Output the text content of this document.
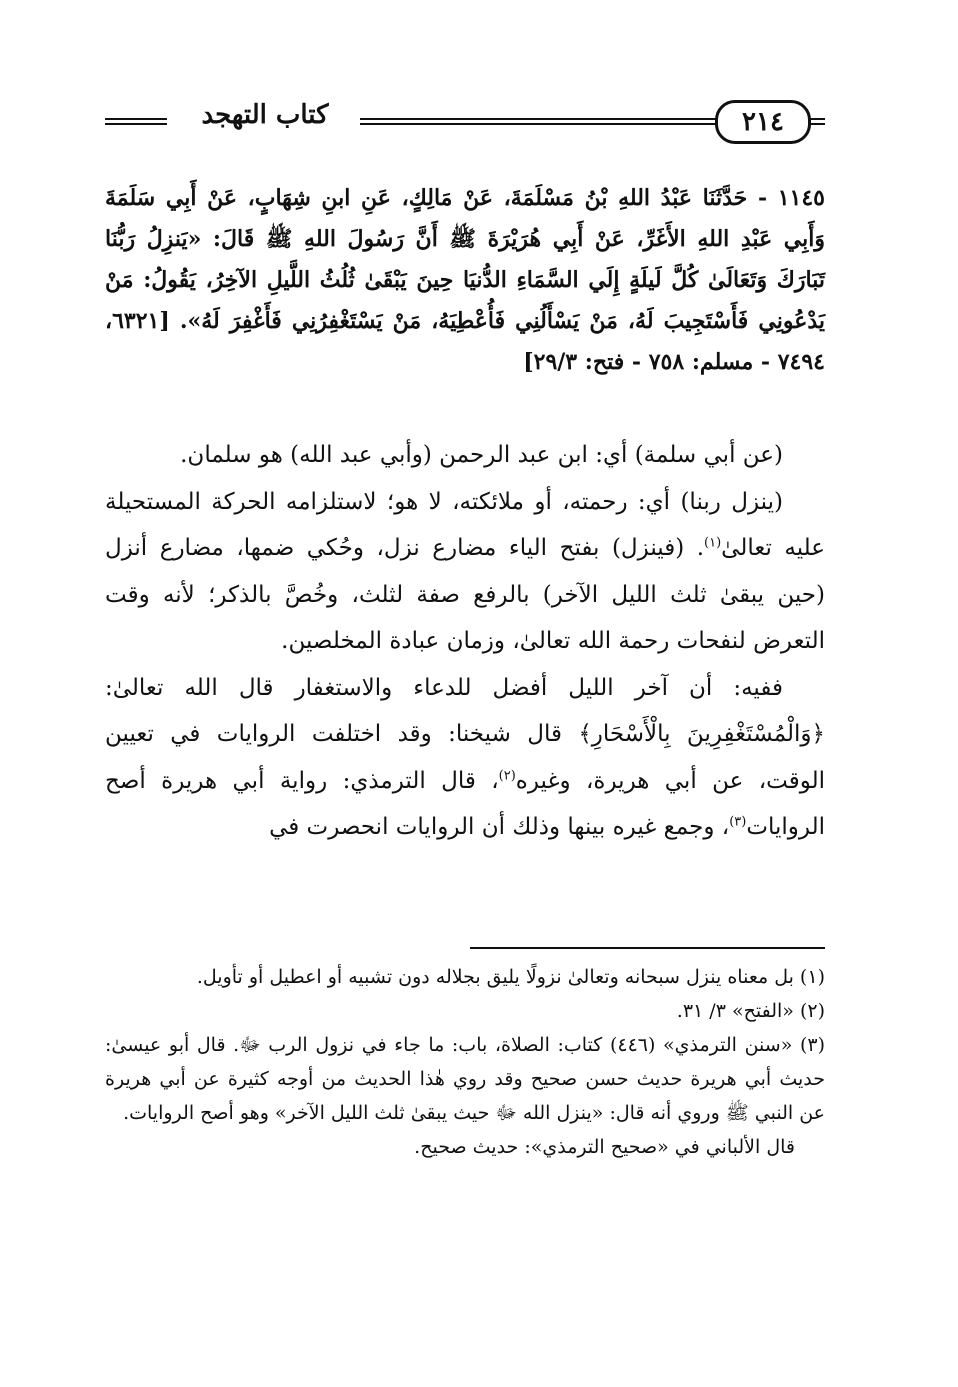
كتاب التهجد	٢١٤
١١٤٥ - حَدَّثَنَا عَبْدُ اللهِ بْنُ مَسْلَمَةَ، عَنْ مَالِكٍ، عَنِ ابنِ شِهَابٍ، عَنْ أَبِي سَلَمَةَ وَأَبِي عَبْدِ اللهِ الأَغَرِّ، عَنْ أَبِي هُرَيْرَةَ ﷺ أَنَّ رَسُولَ اللهِ ﷺ قَالَ: «يَنزِلُ رَبُّنَا تَبَارَكَ وَتَعَالَىٰ كُلَّ لَيلَةٍ إِلَي السَّمَاءِ الدُّنيَا حِينَ يَبْقَىٰ ثُلُثُ اللَّيلِ الآخِرُ، يَقُولُ: مَنْ يَدْعُونِي فَأَسْتَجِيبَ لَهُ، مَنْ يَسْأَلُنِي فَأُعْطِيَهُ، مَنْ يَسْتَغْفِرُنِي فَأَغْفِرَ لَهُ». [٦٣٢١، ٧٤٩٤ - مسلم: ٧٥٨ - فتح: ٢٩/٣]

(عن أبي سلمة) أي: ابن عبد الرحمن (وأبي عبد الله) هو سلمان.

(ينزل ربنا) أي: رحمته، أو ملائكته، لا هو؛ لاستلزامه الحركة المستحيلة عليه تعالىٰ$^{(١)}$. (فينزل) بفتح الياء مضارع نزل، وحُكي ضمها، مضارع أنزل (حين يبقىٰ ثلث الليل الآخر) بالرفع صفة لثلث، وخُصَّ بالذكر؛ لأنه وقت التعرض لنفحات رحمة الله تعالىٰ، وزمان عبادة المخلصين.

ففيه: أن آخر الليل أفضل للدعاء والاستغفار قال الله تعالىٰ: ﴿وَالْمُسْتَغْفِرِينَ بِالْأَسْحَارِ﴾ قال شيخنا: وقد اختلفت الروايات في تعيين الوقت، عن أبي هريرة، وغيره$^{(٢)}$، قال الترمذي: رواية أبي هريرة أصح الروايات$^{(٣)}$، وجمع غيره بينها وذلك أن الروايات انحصرت في

(١) بل معناه ينزل سبحانه وتعالىٰ نزولًا يليق بجلاله دون تشبيه أو اعطيل أو تأويل.

(٢) «الفتح» ٣/ ٣١.

(٣) «سنن الترمذي» (٤٤٦) كتاب: الصلاة، باب: ما جاء في نزول الرب ﷻ. قال أبو عيسىٰ: حديث أبي هريرة حديث حسن صحيح وقد روي هٰذا الحديث من أوجه كثيرة عن أبي هريرة عن النبي ﷺ وروي أنه قال: «ينزل الله ﷻ حيث يبقىٰ ثلث الليل الآخر» وهو أصح الروايات.

قال الألباني في «صحيح الترمذي»: حديث صحيح.
